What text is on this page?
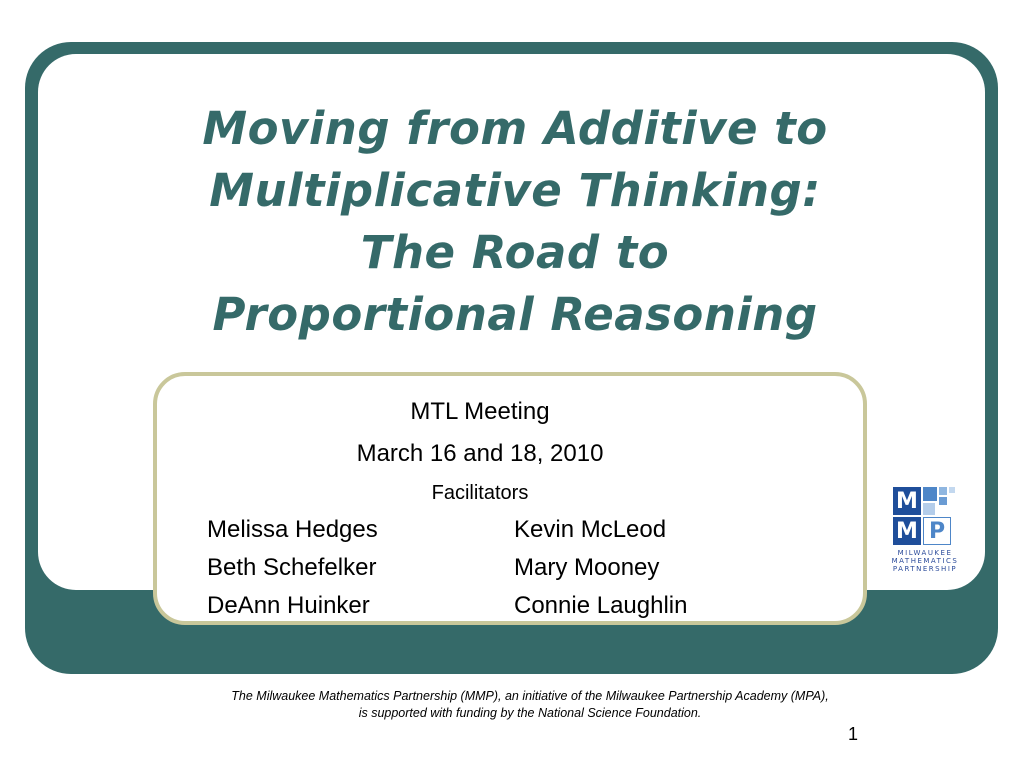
Moving from Additive to
Multiplicative Thinking:
The Road to
Proportional Reasoning
MTL Meeting
March 16 and 18, 2010
Facilitators
Melissa Hedges
Beth Schefelker
DeAnn Huinker
Kevin McLeod
Mary Mooney
Connie Laughlin
M
M P
MILWAUKEE
MATHEMATICS
PARTNERSHIP
The Milwaukee Mathematics Partnership (MMP), an initiative of the Milwaukee Partnership Academy (MPA),
is supported with funding by the National Science Foundation.
1
